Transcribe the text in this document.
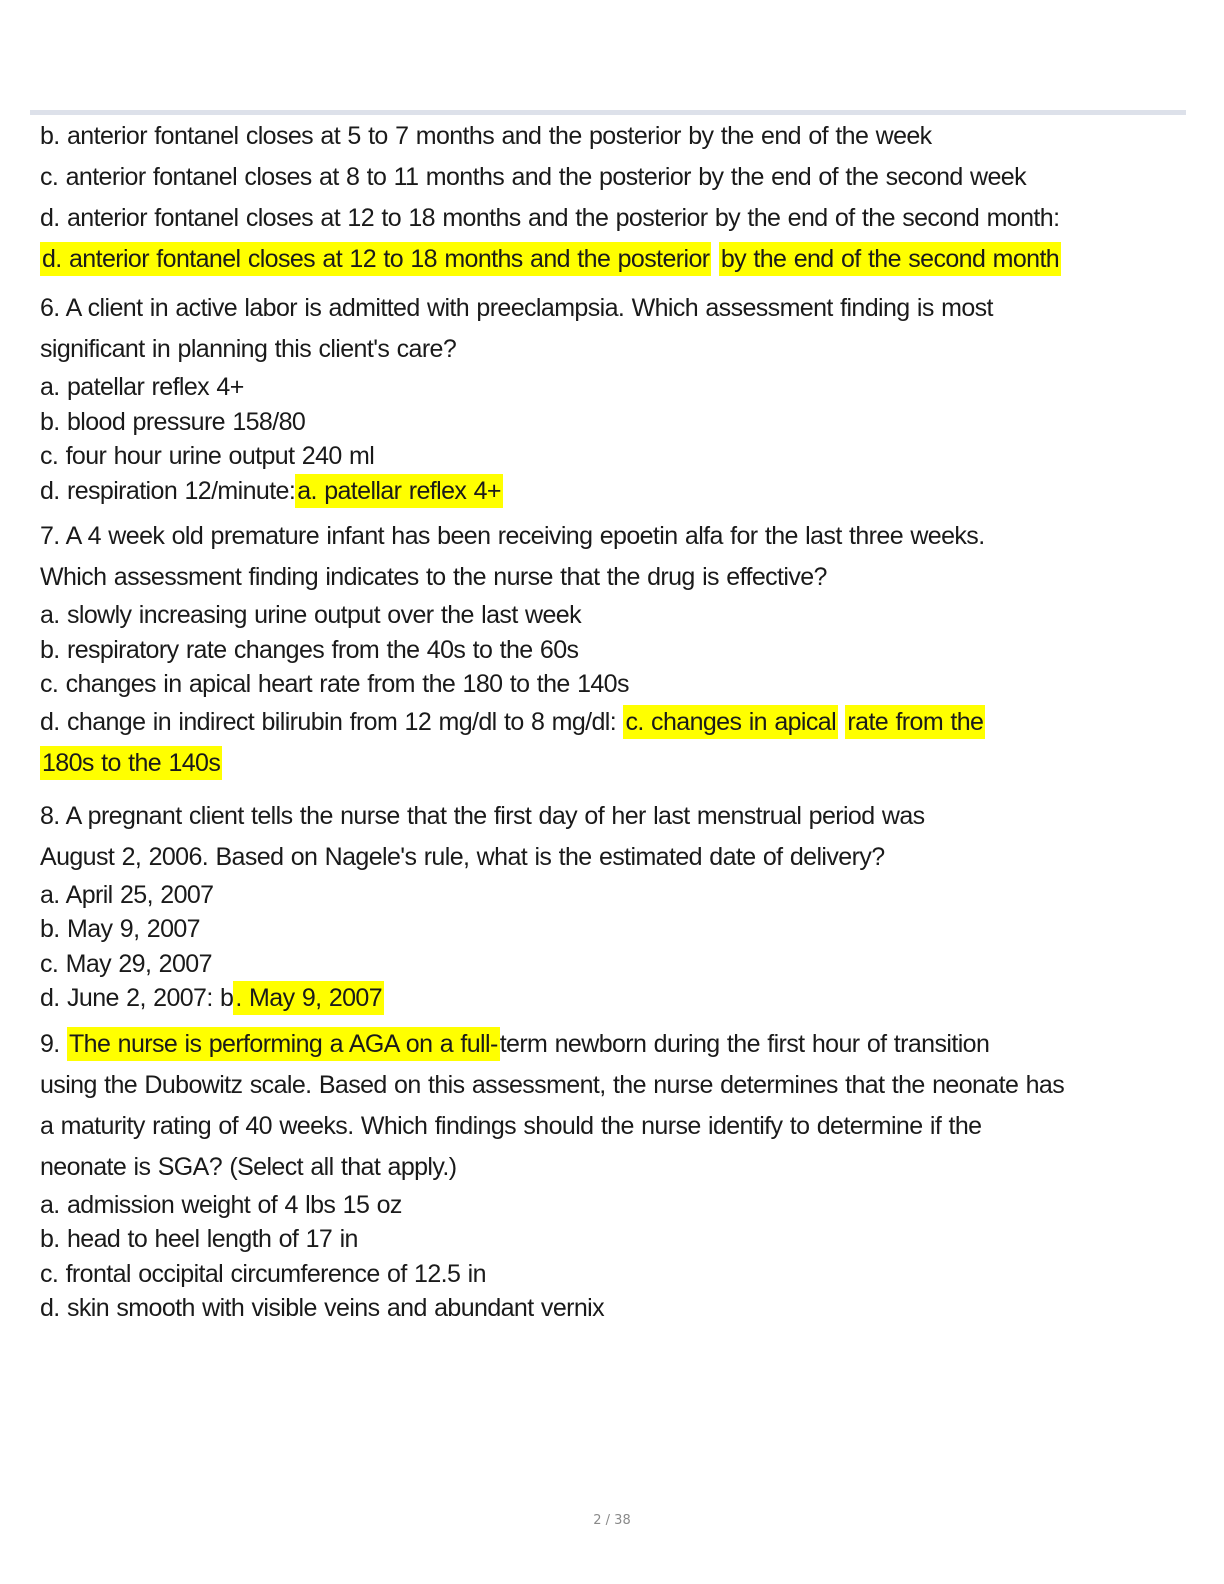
b. anterior fontanel closes at 5 to 7 months and the posterior by the end of the week

c. anterior fontanel closes at 8 to 11 months and the posterior by the end of the second week

d. anterior fontanel closes at 12 to 18 months and the posterior by the end of the second month:

d. anterior fontanel closes at 12 to 18 months and the posterior by the end of the second month

6. A client in active labor is admitted with preeclampsia. Which assessment finding is most

significant in planning this client's care?

a. patellar reflex 4+

b. blood pressure 158/80

c. four hour urine output 240 ml

d. respiration 12/minute:a. patellar reflex 4+

7. A 4 week old premature infant has been receiving epoetin alfa for the last three weeks.

Which assessment finding indicates to the nurse that the drug is effective?

a. slowly increasing urine output over the last week

b. respiratory rate changes from the 40s to the 60s

c. changes in apical heart rate from the 180 to the 140s

d. change in indirect bilirubin from 12 mg/dl to 8 mg/dl: c. changes in apical rate from the

180s to the 140s

8. A pregnant client tells the nurse that the first day of her last menstrual period was

August 2, 2006. Based on Nagele's rule, what is the estimated date of delivery?

a. April 25, 2007

b. May 9, 2007

c. May 29, 2007

d. June 2, 2007: b. May 9, 2007

9. The nurse is performing a AGA on a full-term newborn during the first hour of transition

using the Dubowitz scale. Based on this assessment, the nurse determines that the neonate has

a maturity rating of 40 weeks. Which findings should the nurse identify to determine if the

neonate is SGA? (Select all that apply.)

a. admission weight of 4 lbs 15 oz

b. head to heel length of 17 in

c. frontal occipital circumference of 12.5 in

d. skin smooth with visible veins and abundant vernix

2 / 38
